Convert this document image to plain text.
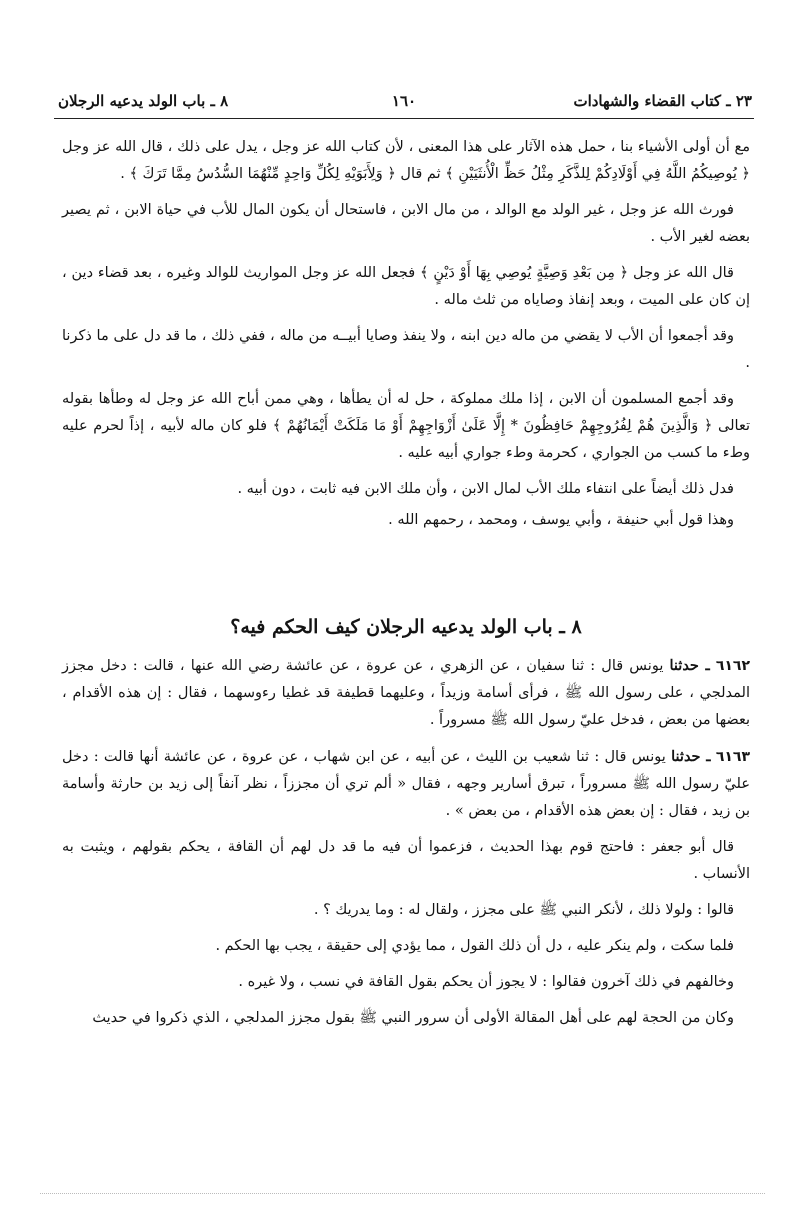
٢٣ ـ كتاب القضاء والشهادات
١٦٠
٨ ـ باب الولد يدعيه الرجلان

مع أن أولى الأشياء بنا ، حمل هذه الآثار على هذا المعنى ، لأن كتاب الله عز وجل ، يدل على ذلك ، قال الله عز وجل ﴿ يُوصِيكُمُ اللَّهُ فِي أَوْلَادِكُمْ لِلذَّكَرِ مِثْلُ حَظِّ الْأُنثَيَيْنِ ﴾ ثم قال ﴿ وَلِأَبَوَيْهِ لِكُلِّ وَاحِدٍ مِّنْهُمَا السُّدُسُ مِمَّا تَرَكَ ﴾ .

فورث الله عز وجل ، غير الولد مع الوالد ، من مال الابن ، فاستحال أن يكون المال للأب في حياة الابن ، ثم يصير بعضه لغير الأب .

قال الله عز وجل ﴿ مِن بَعْدِ وَصِيَّةٍ يُوصِي بِهَا أَوْ دَيْنٍ ﴾ فجعل الله عز وجل المواريث للوالد وغيره ، بعد قضاء دين ، إن كان على الميت ، وبعد إنفاذ وصاياه من ثلث ماله .

وقد أجمعوا أن الأب لا يقضي من ماله دين ابنه ، ولا ينفذ وصايا أبيــه من ماله ، ففي ذلك ، ما قد دل على ما ذكرنا .

وقد أجمع المسلمون أن الابن ، إذا ملك مملوكة ، حل له أن يطأها ، وهي ممن أباح الله عز وجل له وطأها بقوله تعالى ﴿ وَالَّذِينَ هُمْ لِفُرُوجِهِمْ حَافِظُونَ * إِلَّا عَلَىٰ أَزْوَاجِهِمْ أَوْ مَا مَلَكَتْ أَيْمَانُهُمْ ﴾ فلو كان ماله لأبيه ، إذاً لحرم عليه وطء ما كسب من الجواري ، كحرمة وطء جواري أبيه عليه .

فدل ذلك أيضاً على انتفاء ملك الأب لمال الابن ، وأن ملك الابن فيه ثابت ، دون أبيه .

وهذا قول أبي حنيفة ، وأبي يوسف ، ومحمد ، رحمهم الله .

٨ ـ باب الولد يدعيه الرجلان كيف الحكم فيه؟

٦١٦٢ ـ حدثنا يونس قال : ثنا سفيان ، عن الزهري ، عن عروة ، عن عائشة رضي الله عنها ، قالت : دخل مجزز المدلجي ، على رسول الله ﷺ ، فرأى أسامة وزيداً ، وعليهما قطيفة قد غطيا رءوسهما ، فقال : إن هذه الأقدام ، بعضها من بعض ، فدخل عليّ رسول الله ﷺ مسروراً .

٦١٦٣ ـ حدثنا يونس قال : ثنا شعيب بن الليث ، عن أبيه ، عن ابن شهاب ، عن عروة ، عن عائشة أنها قالت : دخل عليّ رسول الله ﷺ مسروراً ، تبرق أسارير وجهه ، فقال « ألم تري أن مجززاً ، نظر آنفاً إلى زيد بن حارثة وأسامة بن زيد ، فقال : إن بعض هذه الأقدام ، من بعض » .

قال أبو جعفر : فاحتج قوم بهذا الحديث ، فزعموا أن فيه ما قد دل لهم أن القافة ، يحكم بقولهم ، ويثبت به الأنساب .

قالوا : ولولا ذلك ، لأنكر النبي ﷺ على مجزز ، ولقال له : وما يدريك ؟ .

فلما سكت ، ولم ينكر عليه ، دل أن ذلك القول ، مما يؤدي إلى حقيقة ، يجب بها الحكم .

وخالفهم في ذلك آخرون فقالوا : لا يجوز أن يحكم بقول القافة في نسب ، ولا غيره .

وكان من الحجة لهم على أهل المقالة الأولى أن سرور النبي ﷺ بقول مجزز المدلجي ، الذي ذكروا في حديث
